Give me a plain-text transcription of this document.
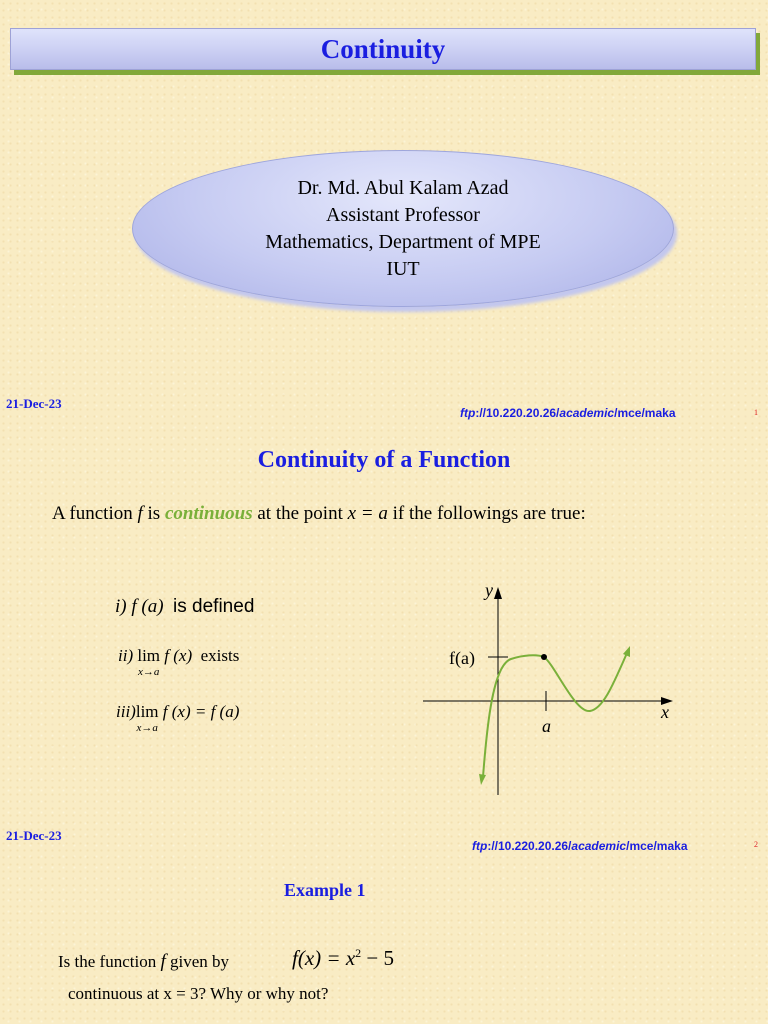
Continuity
Dr. Md. Abul Kalam Azad
Assistant Professor
Mathematics, Department of MPE
IUT
21-Dec-23
ftp://10.220.20.26/academic/mce/maka	1
Continuity of a Function
A function f is continuous at the point x = a if the followings are true:
i) f (a) is defined
ii) lim
$^{x\to a}$ f (x) exists
iii)lim
$^{x\to a}$ f (x) = f (a)
y
x
f(a)
a
21-Dec-23
ftp://10.220.20.26/academic/mce/maka	2
Example 1
Is the function f given by	$f(x) = x^2 - 5$
continuous at x = 3? Why or why not?
